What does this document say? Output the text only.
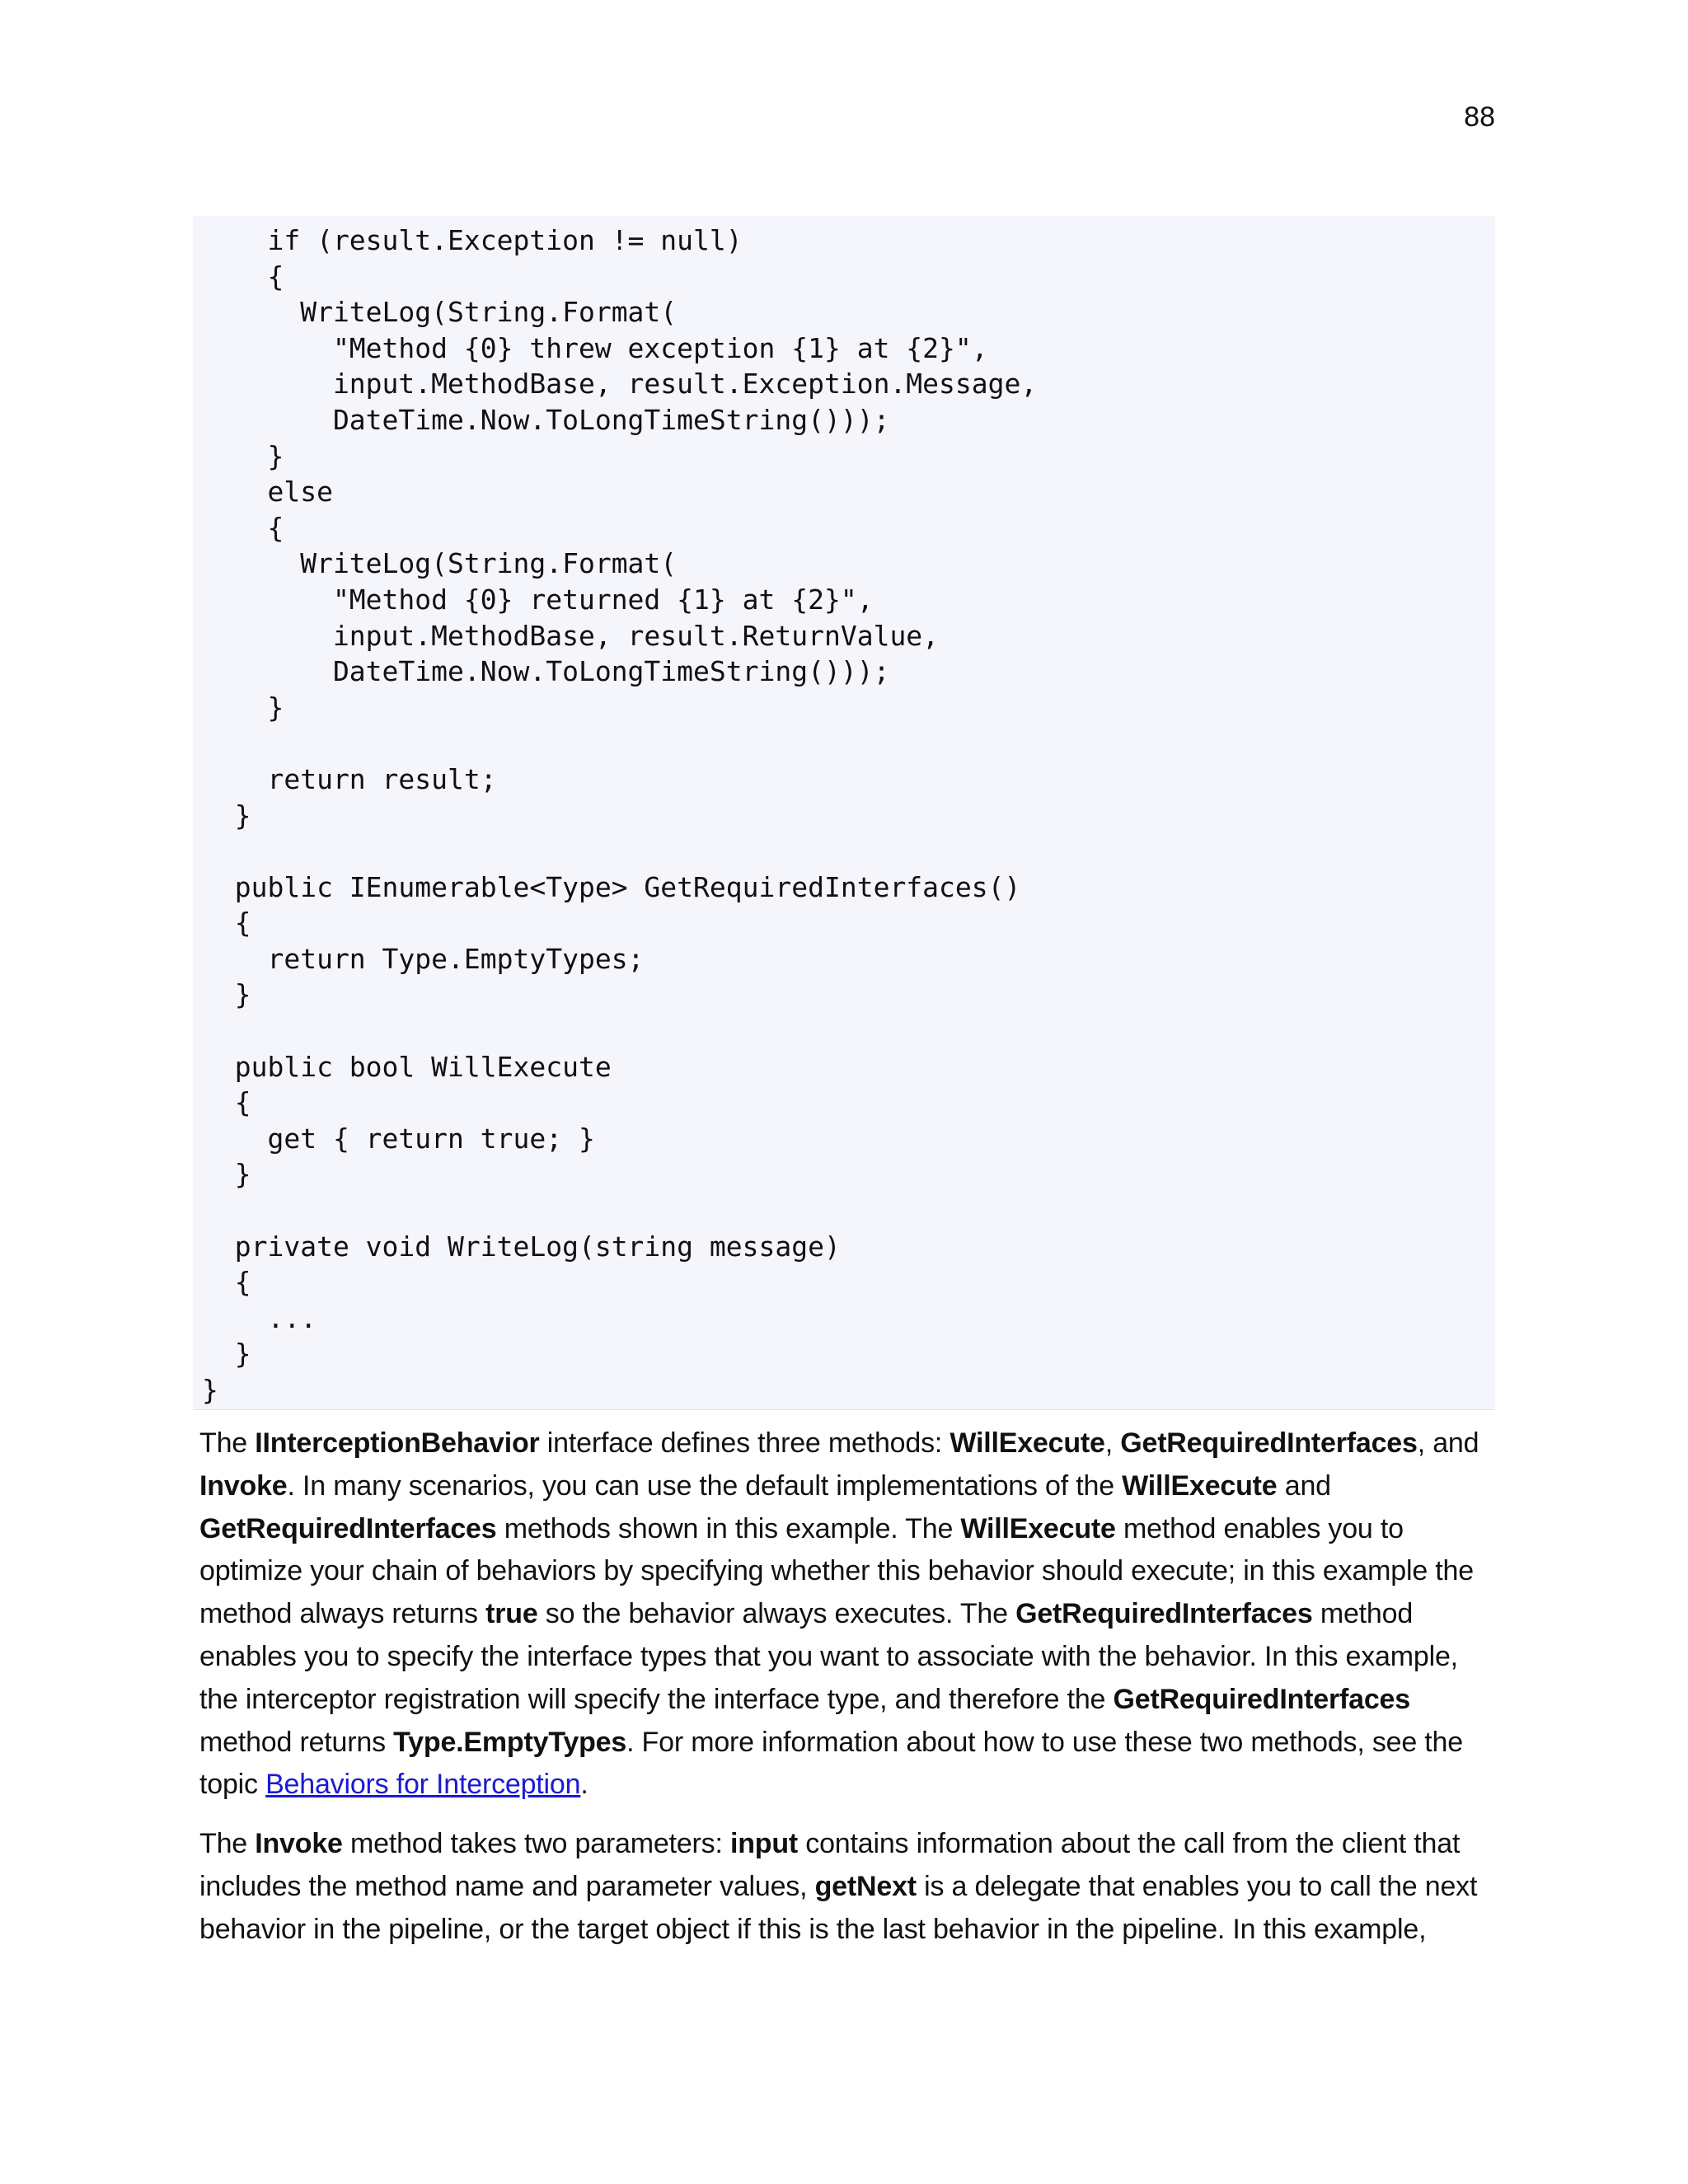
88
if (result.Exception != null)
{
WriteLog(String.Format(
"Method {0} threw exception {1} at {2}",
input.MethodBase, result.Exception.Message,
DateTime.Now.ToLongTimeString()));
}
else
{
WriteLog(String.Format(
"Method {0} returned {1} at {2}",
input.MethodBase, result.ReturnValue,
DateTime.Now.ToLongTimeString()));
}
return result;
}
public IEnumerable<Type> GetRequiredInterfaces()
{
return Type.EmptyTypes;
}
public bool WillExecute
{
get { return true; }
}
private void WriteLog(string message)
{
...
}
}

The IInterceptionBehavior interface defines three methods: WillExecute, GetRequiredInterfaces, and Invoke. In many scenarios, you can use the default implementations of the WillExecute and GetRequiredInterfaces methods shown in this example. The WillExecute method enables you to optimize your chain of behaviors by specifying whether this behavior should execute; in this example the method always returns true so the behavior always executes. The GetRequiredInterfaces method enables you to specify the interface types that you want to associate with the behavior. In this example, the interceptor registration will specify the interface type, and therefore the GetRequiredInterfaces method returns Type.EmptyTypes. For more information about how to use these two methods, see the topic Behaviors for Interception.

The Invoke method takes two parameters: input contains information about the call from the client that includes the method name and parameter values, getNext is a delegate that enables you to call the next behavior in the pipeline, or the target object if this is the last behavior in the pipeline. In this example,
